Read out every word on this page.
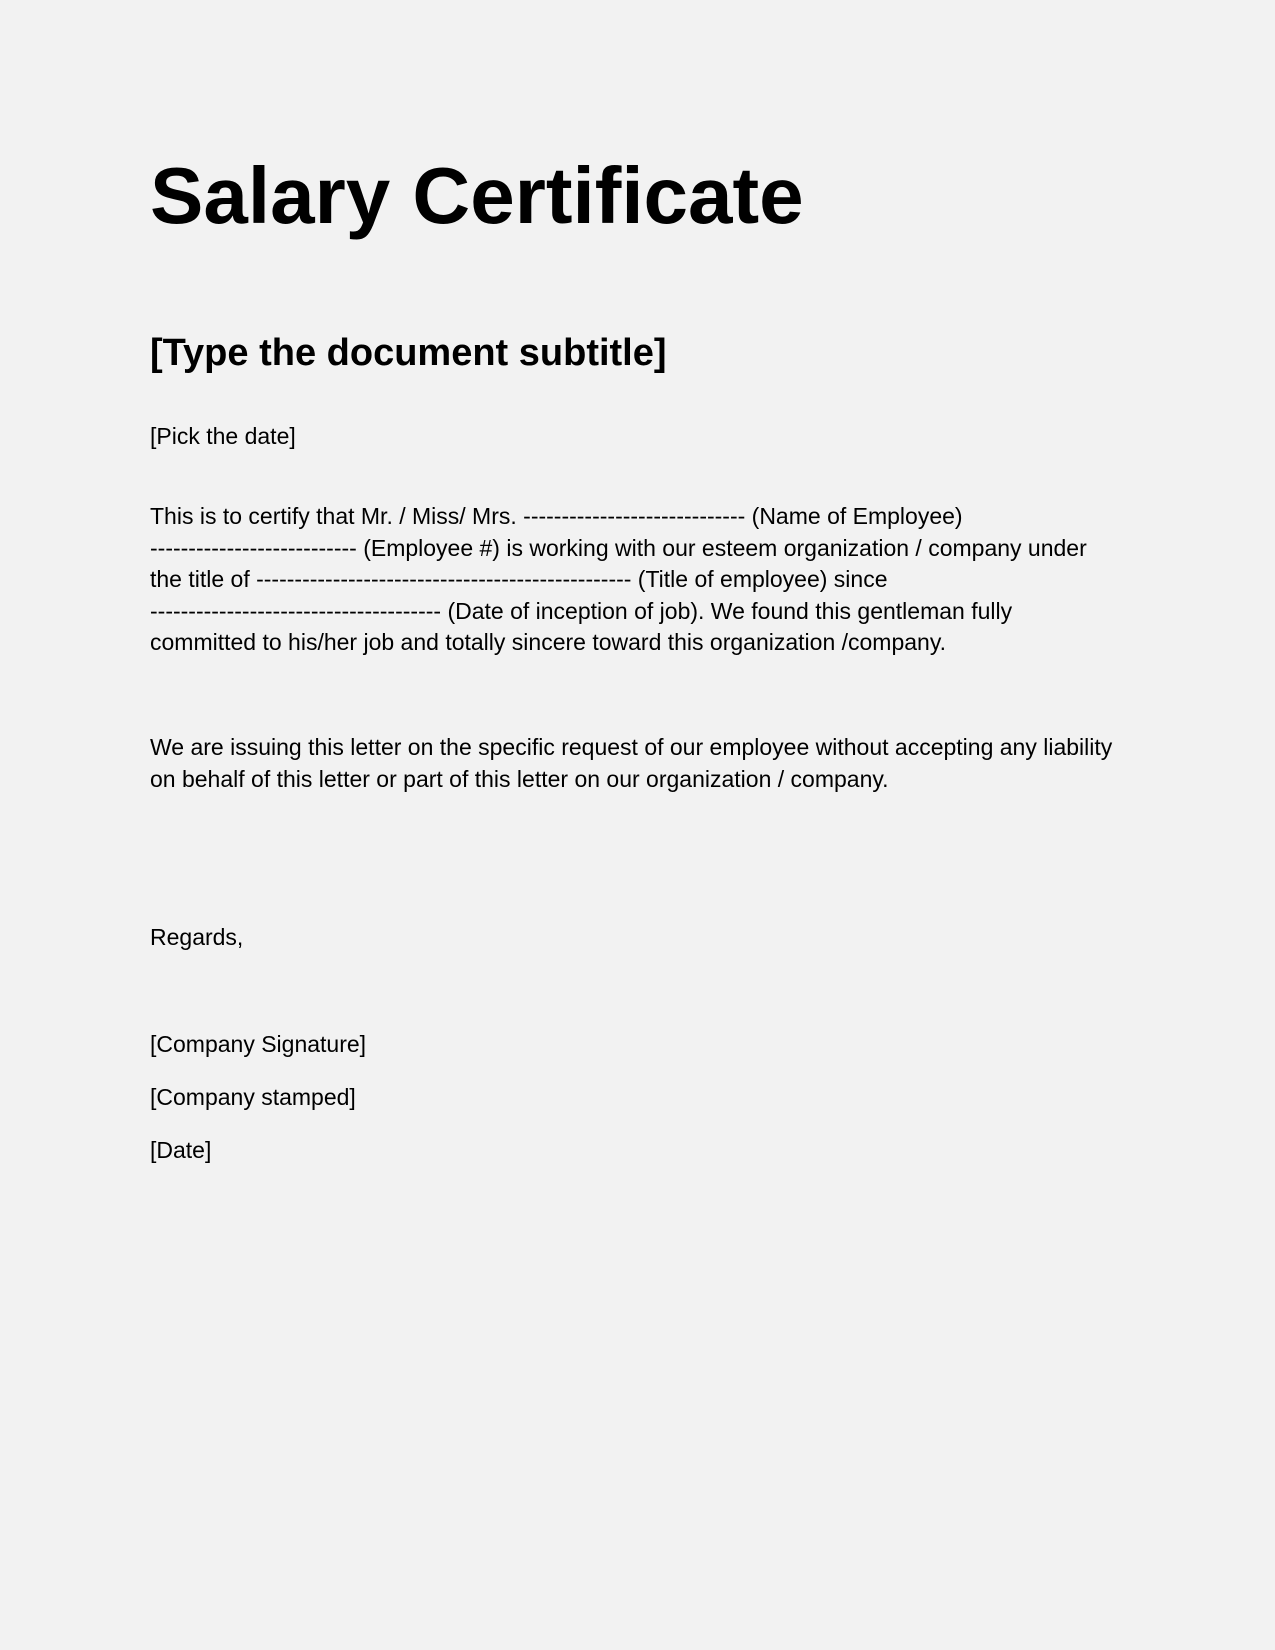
Salary Certificate
[Type the document subtitle]

[Pick the date]

This is to certify that Mr. / Miss/ Mrs. ----------------------------- (Name of Employee)
--------------------------- (Employee #) is working with our esteem organization / company under
the title of ------------------------------------------------- (Title of employee) since
-------------------------------------- (Date of inception of job). We found this gentleman fully
committed to his/her job and totally sincere toward this organization /company.

We are issuing this letter on the specific request of our employee without accepting any liability
on behalf of this letter or part of this letter on our organization / company.

Regards,

[Company Signature]

[Company stamped]

[Date]
